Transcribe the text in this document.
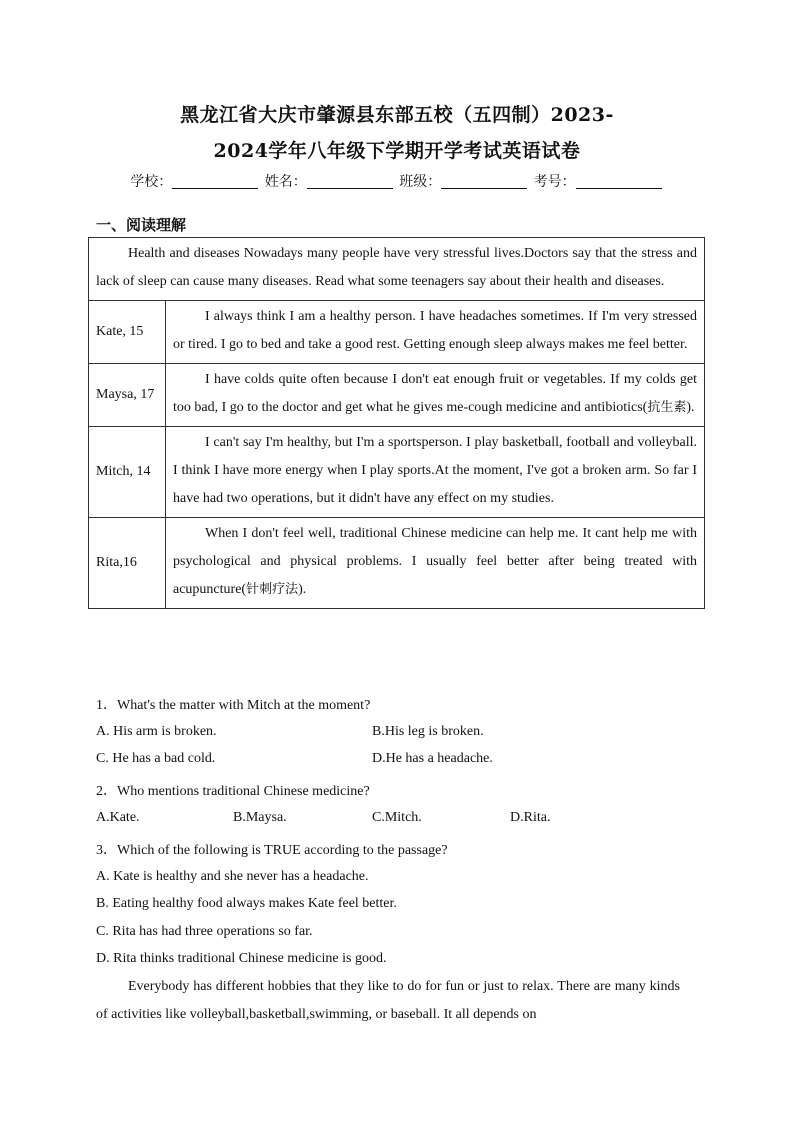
黑龙江省大庆市肇源县东部五校（五四制）2023-
2024学年八年级下学期开学考试英语试卷
学校：	姓名：	班级：	考号：
一、阅读理解
Health and diseases Nowadays many people have very stressful lives.Doctors say that the stress and lack of sleep can cause many diseases. Read what some teenagers say about their health and diseases.	
Kate, 15	I always think I am a healthy person. I have headaches sometimes. If I'm very stressed or tired. I go to bed and take a good rest. Getting enough sleep always makes me feel better.
Maysa, 17	I have colds quite often because I don't eat enough fruit or vegetables. If my colds get too bad, I go to the doctor and get what he gives me-cough medicine and antibiotics(抗生素).
Mitch, 14	I can't say I'm healthy, but I'm a sportsperson. I play basketball, football and volleyball. I think I have more energy when I play sports.At the moment, I've got a broken arm. So far I have had two operations, but it didn't have any effect on my studies.
Rita,16	When I don't feel well, traditional Chinese medicine can help me. It cant help me with psychological and physical problems. I usually feel better after being treated with acupuncture(针刺疗法).
1．What's the matter with Mitch at the moment?
A. His arm is broken.	B.His leg is broken.
C. He has a bad cold.	D.He has a headache.
2．Who mentions traditional Chinese medicine?
A.Kate.	B.Maysa.	C.Mitch.	D.Rita.
3．Which of the following is TRUE according to the passage?
A. Kate is healthy and she never has a headache.
B. Eating healthy food always makes Kate feel better.
C. Rita has had three operations so far.
D. Rita thinks traditional Chinese medicine is good.
Everybody has different hobbies that they like to do for fun or just to relax. There are many kinds of activities like volleyball,basketball,swimming, or baseball. It all depends on
